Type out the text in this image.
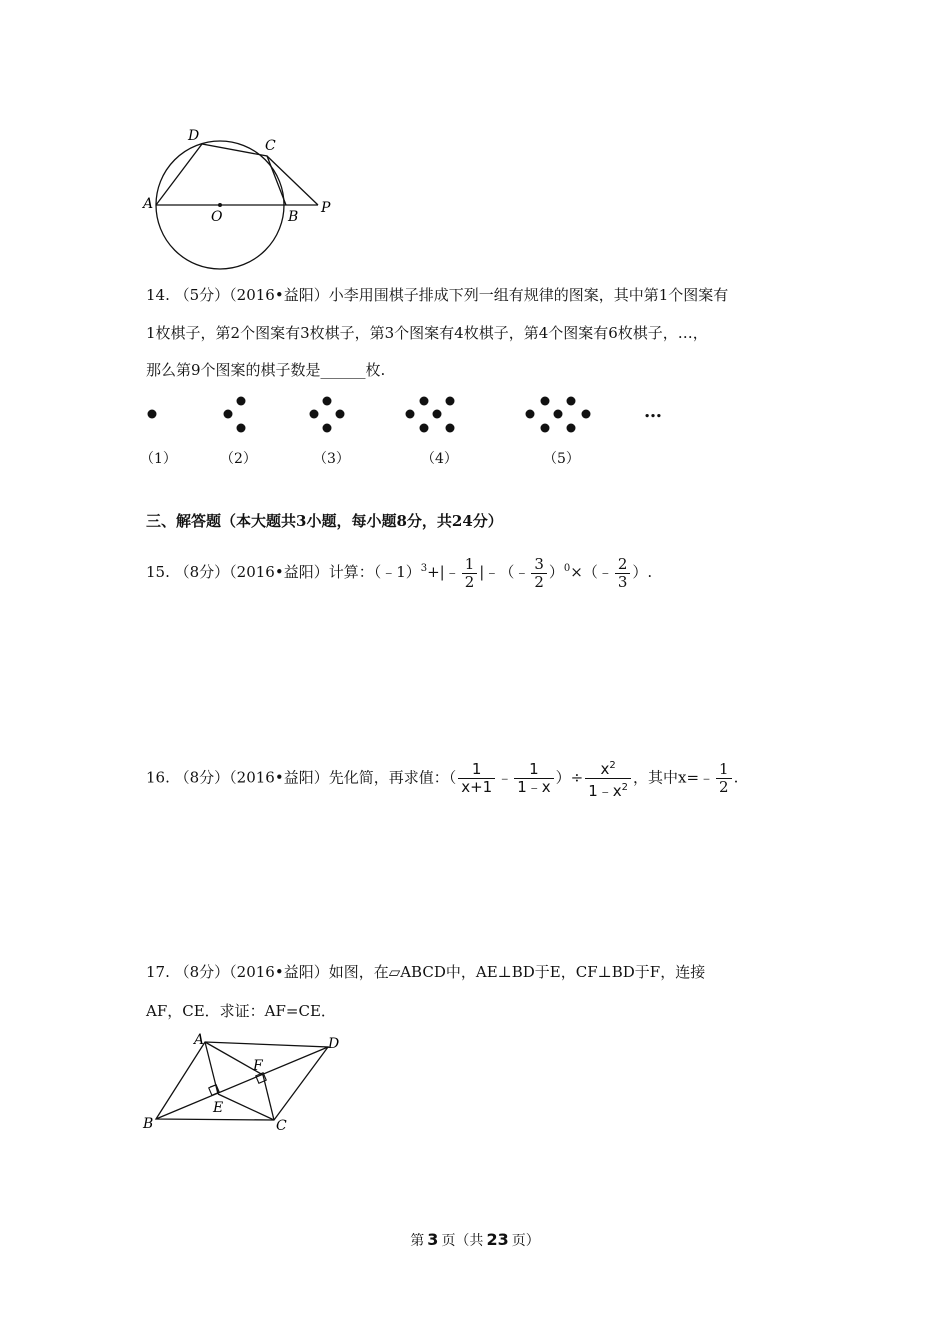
A
D
C
O	B
P
14. （5分）（2016•益阳）小李用围棋子排成下列一组有规律的图案，其中第1个图案有
1枚棋子，第2个图案有3枚棋子，第3个图案有4枚棋子，第4个图案有6枚棋子，…，
那么第9个图案的棋子数是______枚.
…
（1）	（2）	（3）	（4）	（5）
三、解答题（本大题共3小题，每小题8分，共24分）
15. （8分）（2016•益阳）计算：（﹣1）$^3$+|﹣ $\frac{1}{2}$ |﹣（﹣ $\frac{3}{2}$ ）$^0$×（﹣ $\frac{2}{3}$ ）.
16. （8分）（2016•益阳）先化简，再求值：（ $\frac{1}{x+1}$ ﹣ $\frac{1}{1﹣x}$ ）÷ $\frac{x^2}{1﹣x^2}$ ，其中x=﹣ $\frac{1}{2}$ .
17. （8分）（2016•益阳）如图，在▱ABCD中，AE⊥BD于E，CF⊥BD于F，连接
AF，CE．求证：AF=CE．
A	D
F
E
B	C
第 3 页（共 23 页）
